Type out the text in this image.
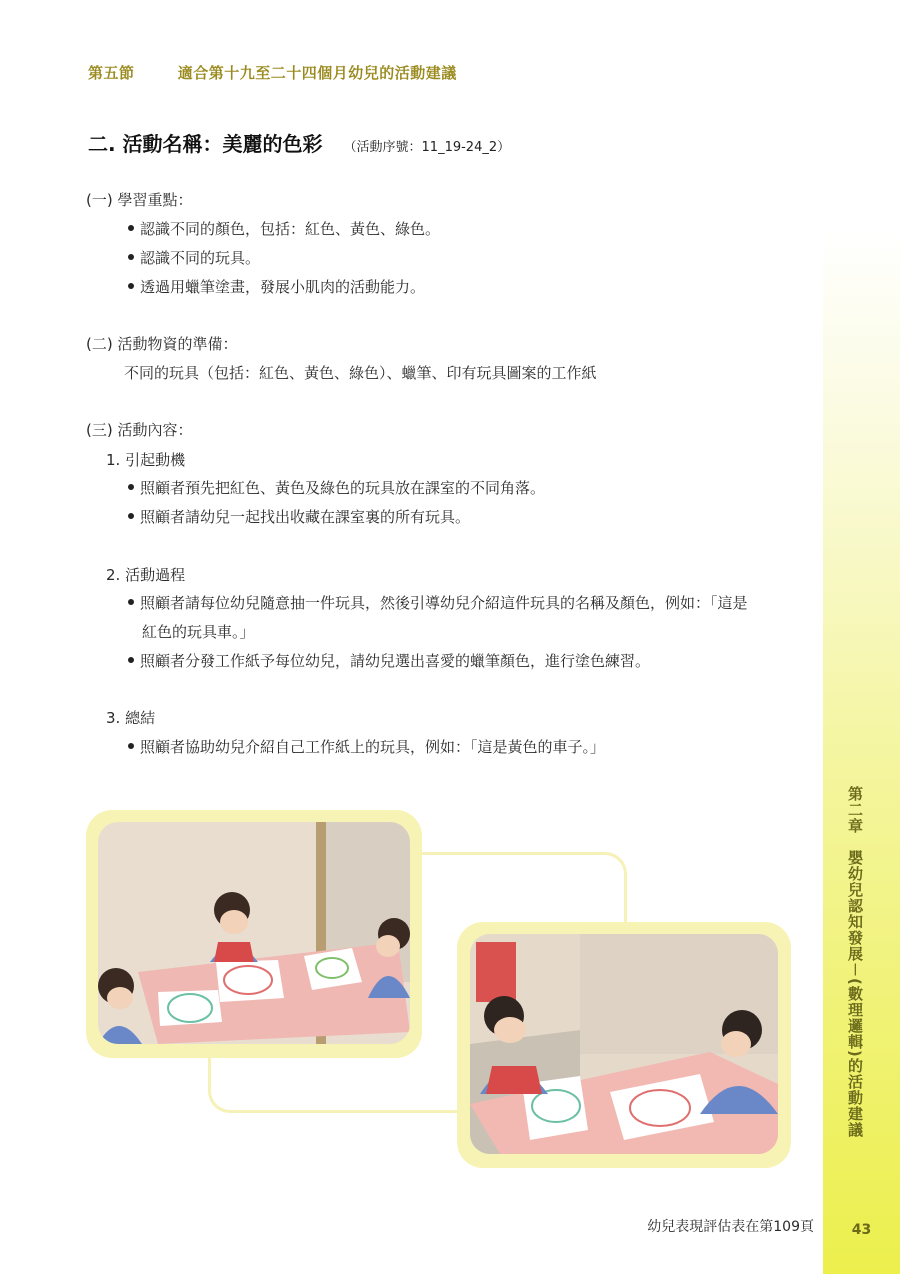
第二章　嬰幼兒認知發展－(數理邏輯)的活動建議
43
第五節	適合第十九至二十四個月幼兒的活動建議
二. 活動名稱：美麗的色彩 （活動序號：11_19-24_2）
(一) 學習重點：
認識不同的顏色，包括：紅色、黃色、綠色。
認識不同的玩具。
透過用蠟筆塗畫，發展小肌肉的活動能力。
(二) 活動物資的準備：
不同的玩具（包括：紅色、黃色、綠色）、蠟筆、印有玩具圖案的工作紙
(三) 活動內容：
1. 引起動機
照顧者預先把紅色、黃色及綠色的玩具放在課室的不同角落。
照顧者請幼兒一起找出收藏在課室裏的所有玩具。
2. 活動過程
照顧者請每位幼兒隨意抽一件玩具，然後引導幼兒介紹這件玩具的名稱及顏色，例如：「這是
紅色的玩具車。」
照顧者分發工作紙予每位幼兒，請幼兒選出喜愛的蠟筆顏色，進行塗色練習。
3. 總結
照顧者協助幼兒介紹自己工作紙上的玩具，例如：「這是黃色的車子。」
幼兒表現評估表在第109頁
